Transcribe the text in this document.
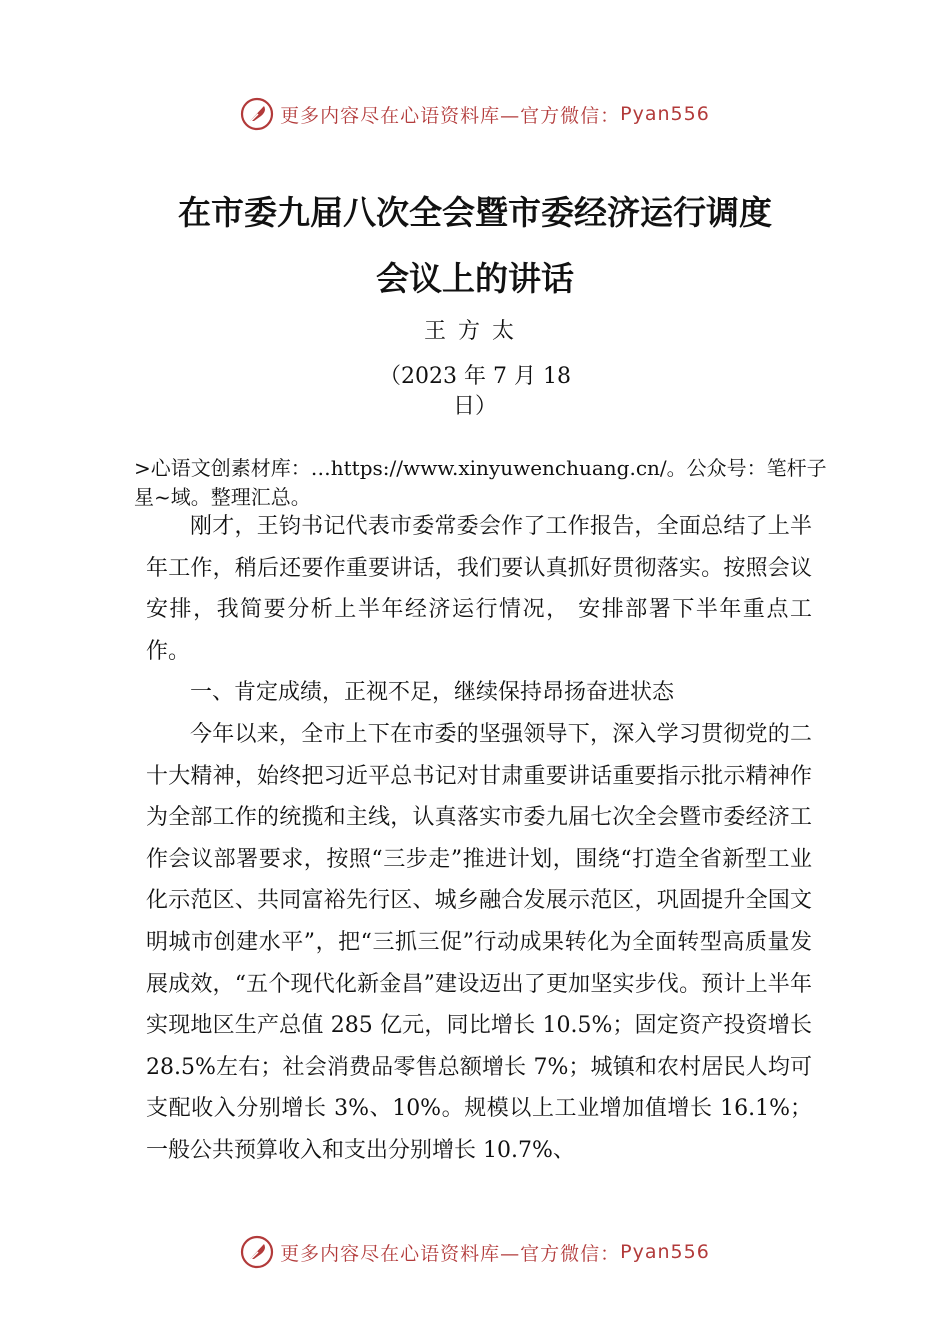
更多内容尽在心语资料库—官方微信： Pyan556
在市委九届八次全会暨市委经济运行调度
会议上的讲话
王方太
（2023 年 7 月 18
日）
>心语文创素材库：…https://www.xinyuwenchuang.cn/。公众号：笔杆子星~域。整理汇总。

刚才，王钧书记代表市委常委会作了工作报告，全面总结了上半年工作，稍后还要作重要讲话，我们要认真抓好贯彻落实。按照会议安排，我简要分析上半年经济运行情况， 安排部署下半年重点工作。

一、肯定成绩，正视不足，继续保持昂扬奋进状态

今年以来，全市上下在市委的坚强领导下，深入学习贯彻党的二十大精神，始终把习近平总书记对甘肃重要讲话重要指示批示精神作为全部工作的统揽和主线，认真落实市委九届七次全会暨市委经济工作会议部署要求，按照“三步走”推进计划，围绕“打造全省新型工业化示范区、共同富裕先行区、城乡融合发展示范区，巩固提升全国文明城市创建水平”，把“三抓三促”行动成果转化为全面转型高质量发展成效，“五个现代化新金昌”建设迈出了更加坚实步伐。预计上半年实现地区生产总值 285 亿元，同比增长 10.5%；固定资产投资增长 28.5%左右；社会消费品零售总额增长 7%；城镇和农村居民人均可支配收入分别增长 3%、10%。规模以上工业增加值增长 16.1%；一般公共预算收入和支出分别增长 10.7%、

更多内容尽在心语资料库—官方微信： Pyan556
